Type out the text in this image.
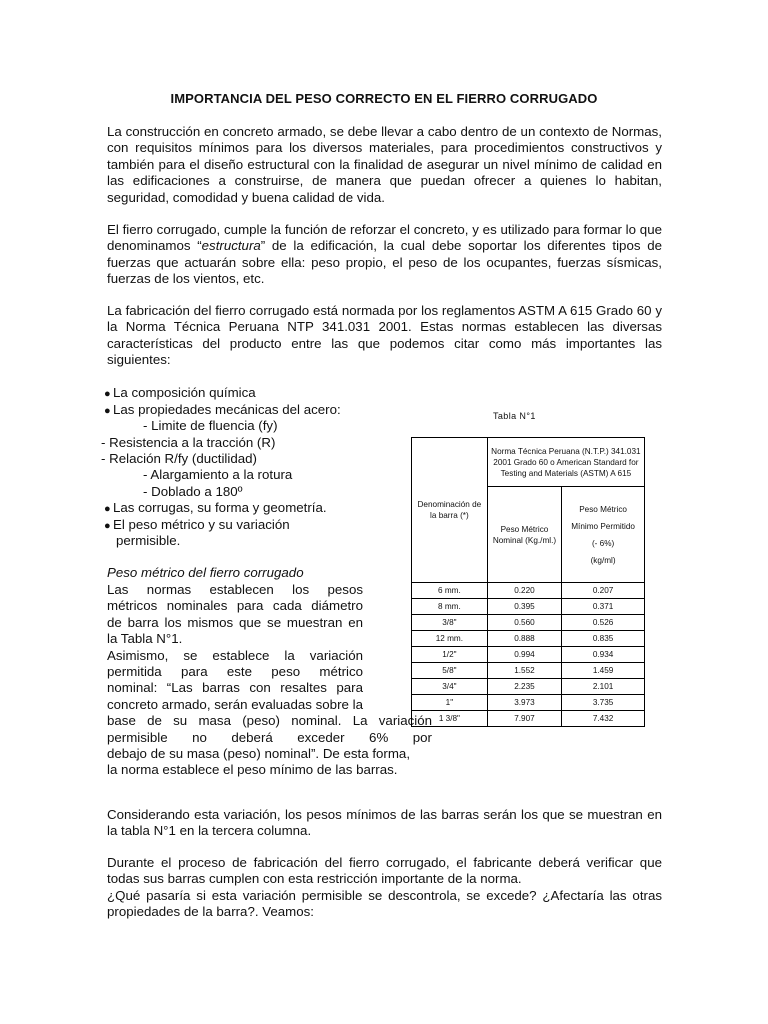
IMPORTANCIA DEL PESO CORRECTO EN EL FIERRO CORRUGADO

La construcción en concreto armado, se debe llevar a cabo dentro de un contexto de Normas, con requisitos mínimos para los diversos materiales, para procedimientos constructivos y también para el diseño estructural con la finalidad de asegurar un nivel mínimo de calidad en las edificaciones a construirse, de manera que puedan ofrecer a quienes lo habitan, seguridad, comodidad y buena calidad de vida.

El fierro corrugado, cumple la función de reforzar el concreto, y es utilizado para formar lo que denominamos “estructura” de la edificación, la cual debe soportar los diferentes tipos de fuerzas que actuarán sobre ella: peso propio, el peso de los ocupantes, fuerzas sísmicas, fuerzas de los vientos, etc.

La fabricación del fierro corrugado está normada por los reglamentos ASTM A 615 Grado 60 y la Norma Técnica Peruana NTP 341.031 2001. Estas normas establecen las diversas características del producto entre las que podemos citar como más importantes las siguientes:

● La composición química
● Las propiedades mecánicas del acero:
- Limite de fluencia (fy)
- Resistencia a la tracción (R)
- Relación R/fy (ductilidad)
- Alargamiento a la rotura
- Doblado a 180º
● Las corrugas, su forma y geometría.
● El peso métrico y su variación
permisible.
Peso métrico del fierro corrugado
Las normas establecen los pesos
métricos nominales para cada diámetro
de barra los mismos que se muestran en
la Tabla N°1.
Asimismo, se establece la variación
permitida para este peso métrico
nominal: “Las barras con resaltes para
concreto armado, serán evaluadas sobre la
base de su masa (peso) nominal. La variación
permisible no deberá exceder 6% por
debajo de su masa (peso) nominal”. De esta forma,
la norma establece el peso mínimo de las barras.
Tabla N°1
Denominación de la barra (*)	Norma Técnica Peruana (N.T.P.) 341.031 2001 Grado 60 o American Standard for Testing and Materials (ASTM) A 615	
	Peso Métrico Nominal (Kg./ml.)	Peso Métrico
Mínimo Permitido
(- 6%)
(kg/ml)

6 mm.	0.220	0.207
8 mm.	0.395	0.371
3/8"	0.560	0.526
12 mm.	0.888	0.835
1/2"	0.994	0.934
5/8"	1.552	1.459
3/4"	2.235	2.101
1"	3.973	3.735
1 3/8"	7.907	7.432

Considerando esta variación, los pesos mínimos de las barras serán los que se muestran en la tabla N°1 en la tercera columna.

Durante el proceso de fabricación del fierro corrugado, el fabricante deberá verificar que todas sus barras cumplen con esta restricción importante de la norma.

¿Qué pasaría si esta variación permisible se descontrola, se excede? ¿Afectaría las otras propiedades de la barra?. Veamos:
